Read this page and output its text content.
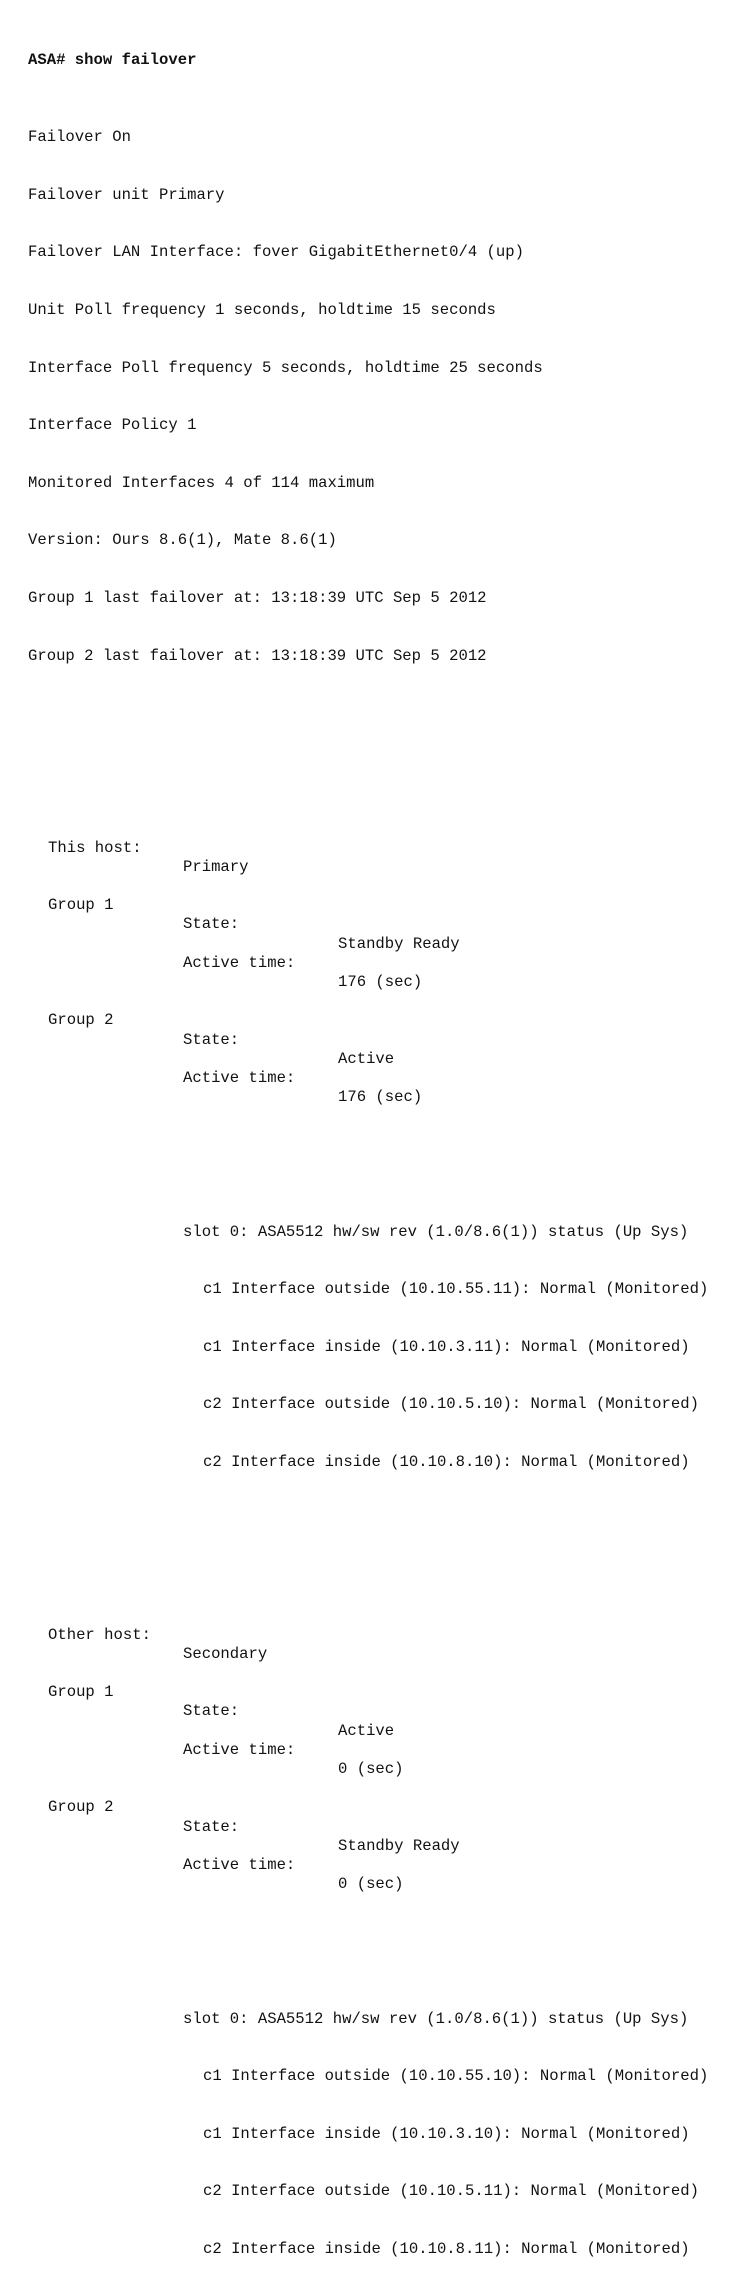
ASA# show failover

Failover On

Failover unit Primary

Failover LAN Interface: fover GigabitEthernet0/4 (up)

Unit Poll frequency 1 seconds, holdtime 15 seconds

Interface Poll frequency 5 seconds, holdtime 25 seconds

Interface Policy 1

Monitored Interfaces 4 of 114 maximum

Version: Ours 8.6(1), Mate 8.6(1)

Group 1 last failover at: 13:18:39 UTC Sep 5 2012

Group 2 last failover at: 13:18:39 UTC Sep 5 2012

This host:

Primary

Group 1

State:

Standby Ready

Active time:

176 (sec)

Group 2

State:

Active

Active time:

176 (sec)

slot 0: ASA5512 hw/sw rev (1.0/8.6(1)) status (Up Sys)

c1 Interface outside (10.10.55.11): Normal (Monitored)

c1 Interface inside (10.10.3.11): Normal (Monitored)

c2 Interface outside (10.10.5.10): Normal (Monitored)

c2 Interface inside (10.10.8.10): Normal (Monitored)

Other host:

Secondary

Group 1

State:

Active

Active time:

0 (sec)

Group 2

State:

Standby Ready

Active time:

0 (sec)

slot 0: ASA5512 hw/sw rev (1.0/8.6(1)) status (Up Sys)

c1 Interface outside (10.10.55.10): Normal (Monitored)

c1 Interface inside (10.10.3.10): Normal (Monitored)

c2 Interface outside (10.10.5.11): Normal (Monitored)

c2 Interface inside (10.10.8.11): Normal (Monitored)
